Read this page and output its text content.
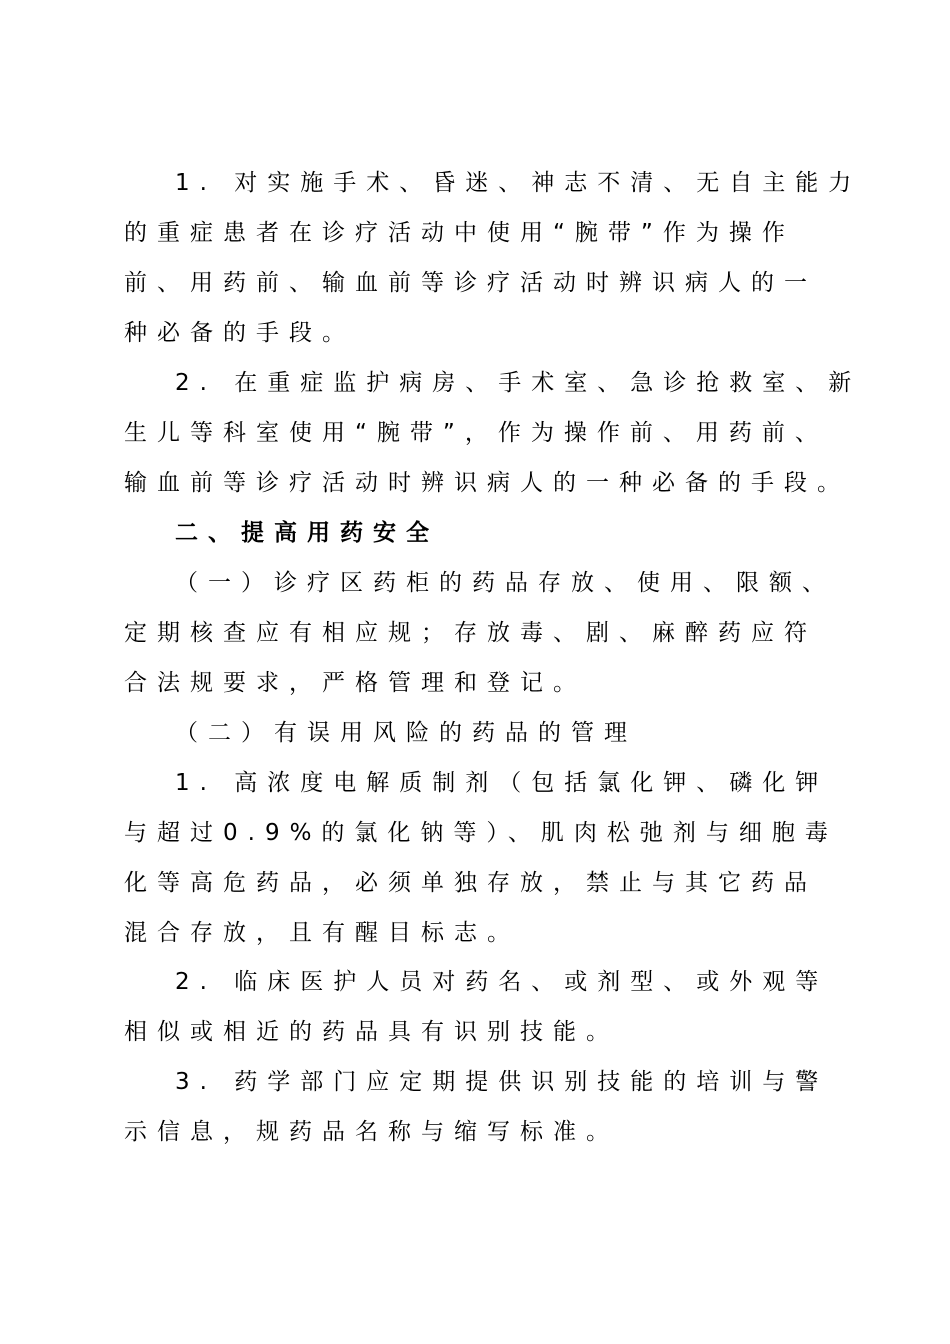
1. 对实施手术、昏迷、神志不清、无自主能力
的重症患者在诊疗活动中使用“腕带”作为操作
前、用药前、输血前等诊疗活动时辨识病人的一
种必备的手段。
2. 在重症监护病房、手术室、急诊抢救室、新
生儿等科室使用“腕带”，作为操作前、用药前、
输血前等诊疗活动时辨识病人的一种必备的手段。
二、提高用药安全
（一）诊疗区药柜的药品存放、使用、限额、
定期核查应有相应规；存放毒、剧、麻醉药应符
合法规要求，严格管理和登记。
（二）有误用风险的药品的管理
1. 高浓度电解质制剂（包括氯化钾、磷化钾
与超过0.9%的氯化钠等）、肌肉松弛剂与细胞毒
化等高危药品，必须单独存放，禁止与其它药品
混合存放，且有醒目标志。
2. 临床医护人员对药名、或剂型、或外观等
相似或相近的药品具有识别技能。
3. 药学部门应定期提供识别技能的培训与警
示信息，规药品名称与缩写标准。
